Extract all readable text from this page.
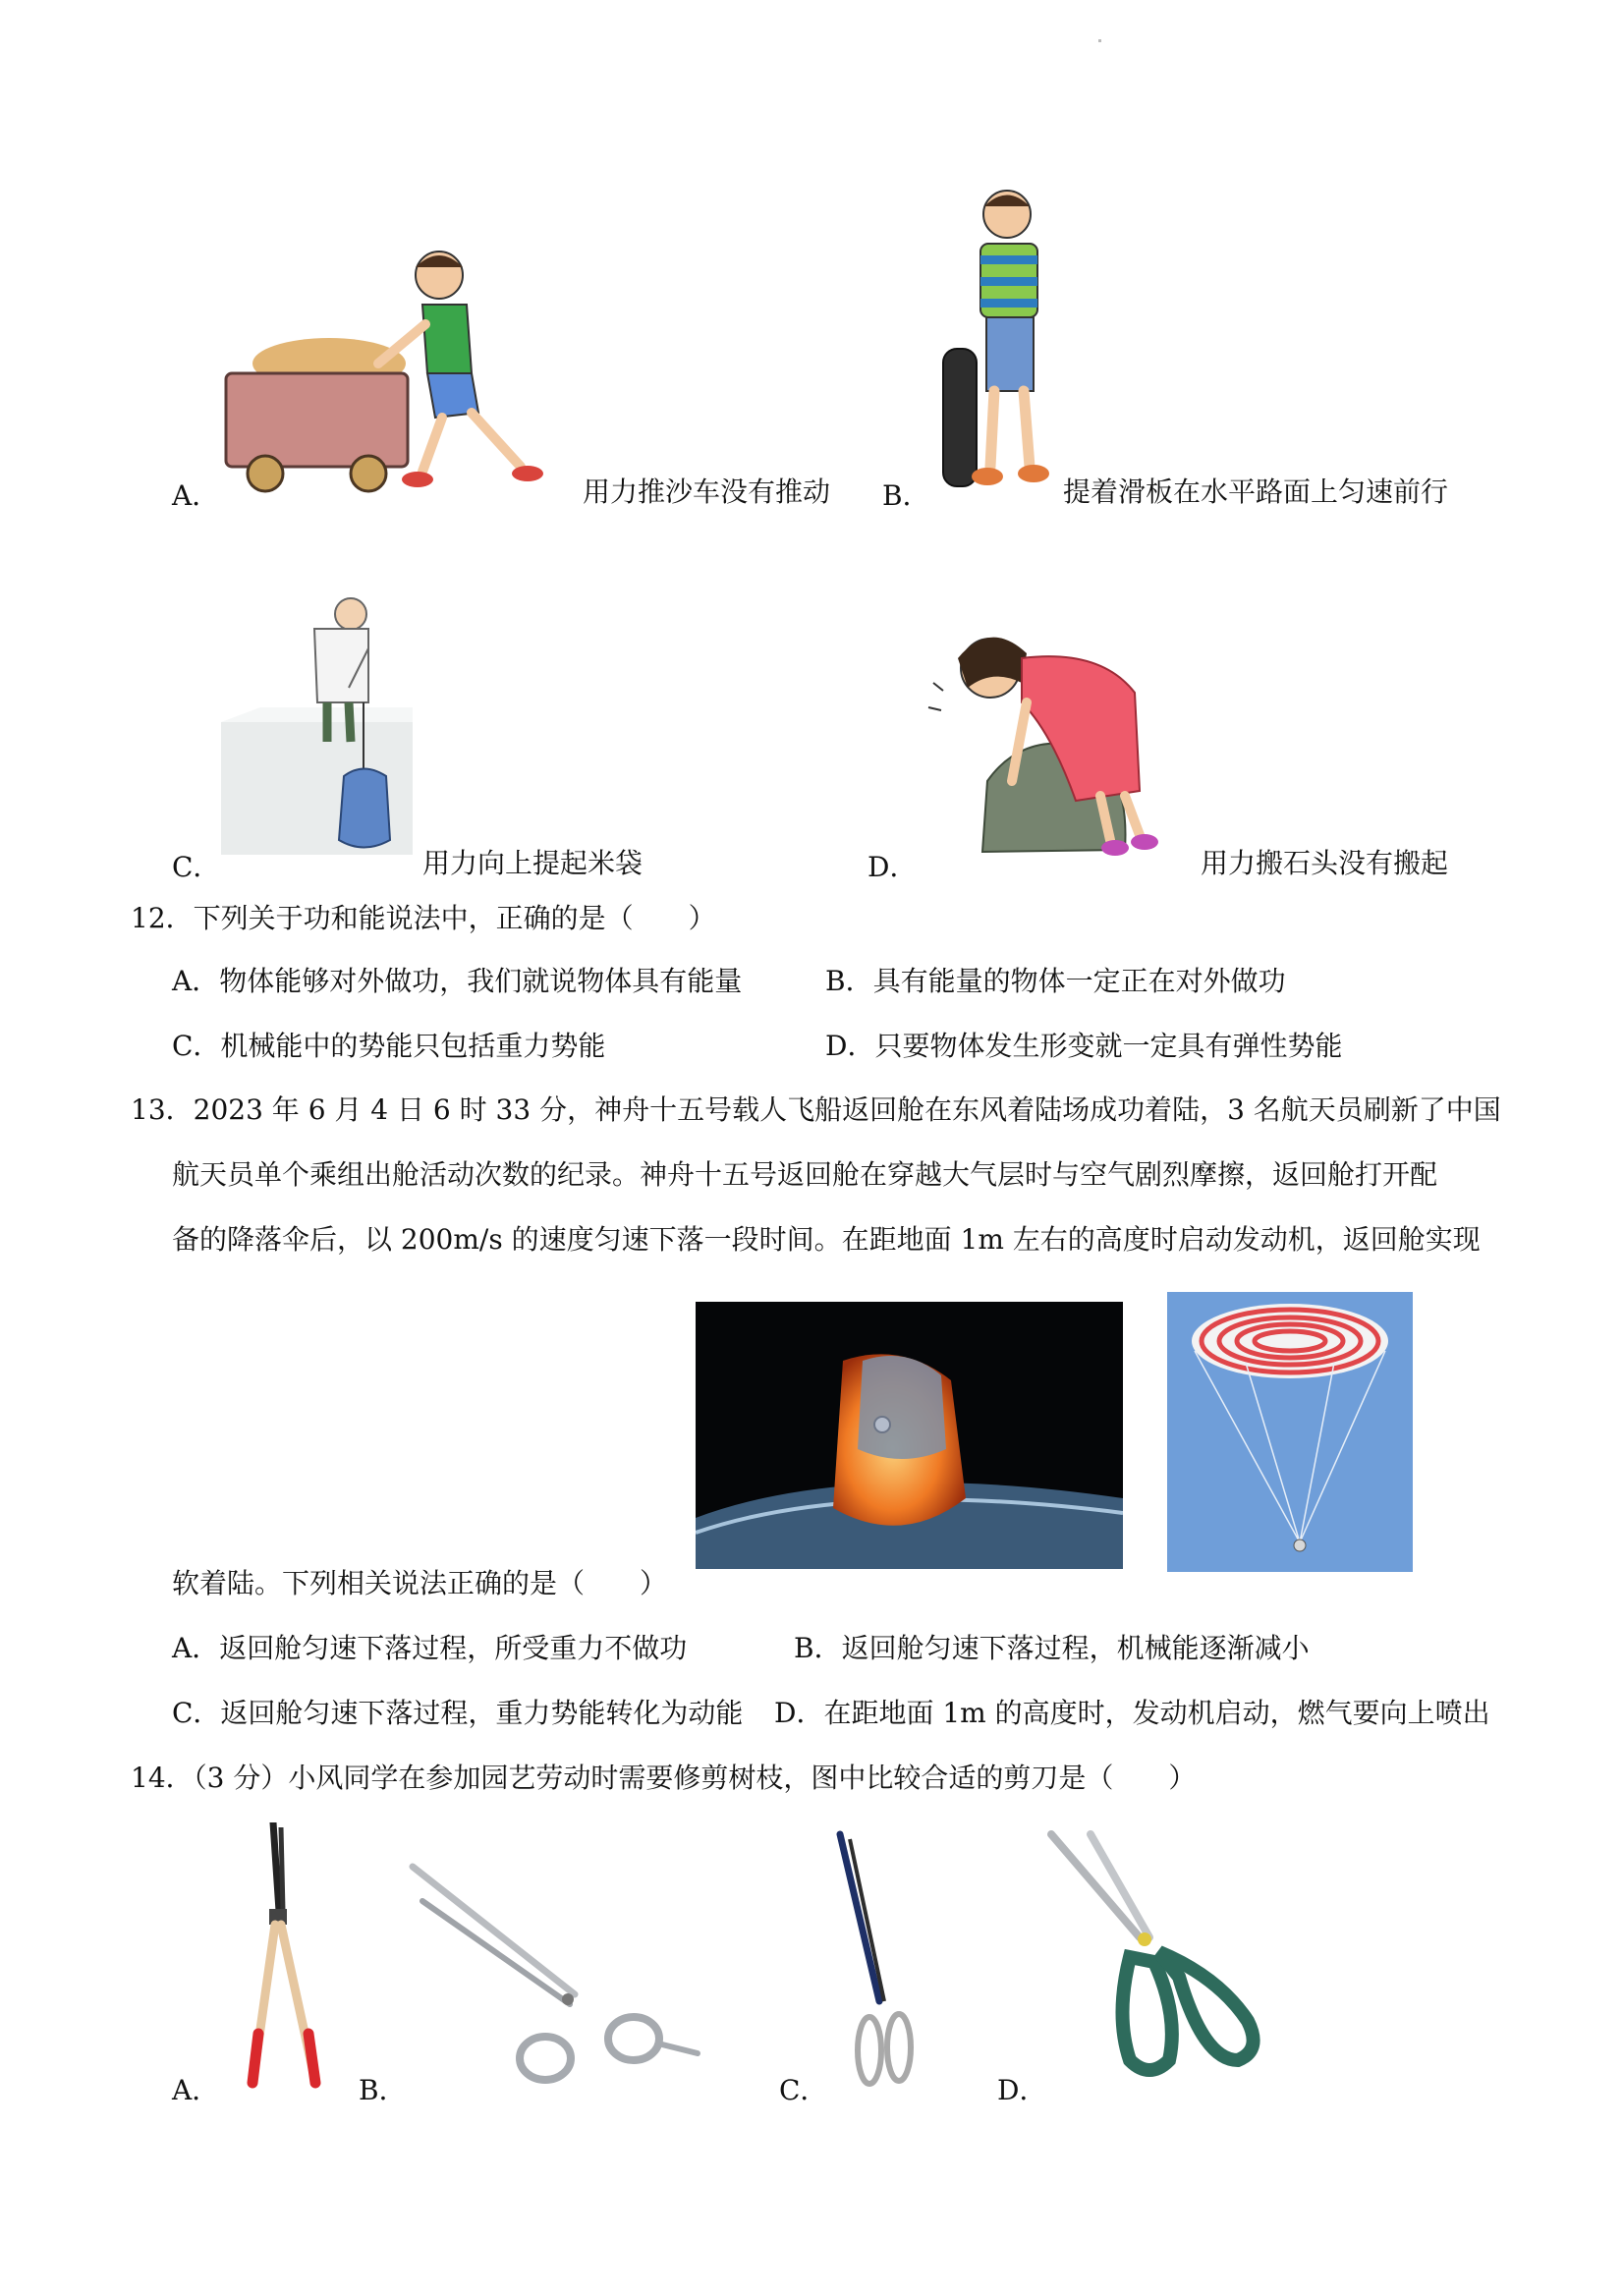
A．	用力推沙车没有推动 B．	提着滑板在水平路面上匀速前行
C．	用力向上提起米袋	D．	用力搬石头没有搬起
12．下列关于功和能说法中，正确的是（　　）
A．物体能够对外做功，我们就说物体具有能量	B．具有能量的物体一定正在对外做功
C．机械能中的势能只包括重力势能	D．只要物体发生形变就一定具有弹性势能
13．2023 年 6 月 4 日 6 时 33 分，神舟十五号载人飞船返回舱在东风着陆场成功着陆，3 名航天员刷新了中国
航天员单个乘组出舱活动次数的纪录。神舟十五号返回舱在穿越大气层时与空气剧烈摩擦，返回舱打开配
备的降落伞后，以 200m/s 的速度匀速下落一段时间。在距地面 1m 左右的高度时启动发动机，返回舱实现
软着陆。下列相关说法正确的是（　　）
A．返回舱匀速下落过程，所受重力不做功	B．返回舱匀速下落过程，机械能逐渐减小
C．返回舱匀速下落过程，重力势能转化为动能 D．在距地面 1m 的高度时，发动机启动，燃气要向上喷出
14．（3 分）小风同学在参加园艺劳动时需要修剪树枝，图中比较合适的剪刀是（　　）
A．	B．	C．	D．
